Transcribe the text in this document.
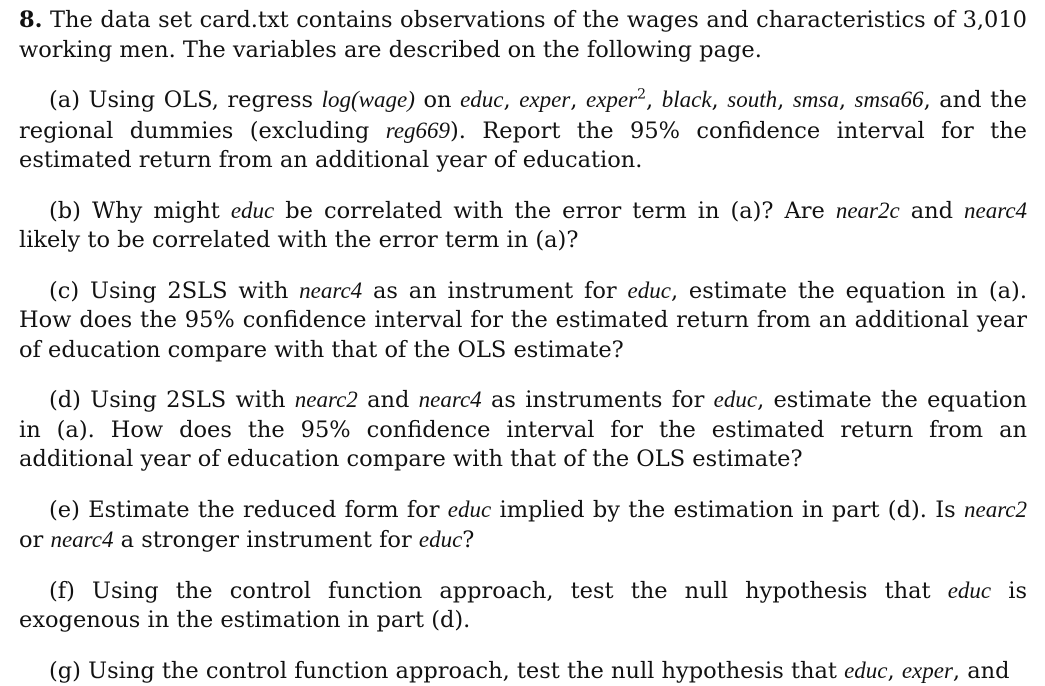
8. The data set card.txt contains observations of the wages and characteristics of 3,010 working men. The variables are described on the following page.

(a) Using OLS, regress log(wage) on educ, exper, exper$^2$, black, south, smsa, smsa66, and the regional dummies (excluding reg669). Report the 95% confidence interval for the estimated return from an additional year of education.

(b) Why might educ be correlated with the error term in (a)? Are near2c and nearc4 likely to be correlated with the error term in (a)?

(c) Using 2SLS with nearc4 as an instrument for educ, estimate the equation in (a). How does the 95% confidence interval for the estimated return from an additional year of education compare with that of the OLS estimate?

(d) Using 2SLS with nearc2 and nearc4 as instruments for educ, estimate the equation in (a). How does the 95% confidence interval for the estimated return from an additional year of education compare with that of the OLS estimate?

(e) Estimate the reduced form for educ implied by the estimation in part (d). Is nearc2 or nearc4 a stronger instrument for educ?

(f) Using the control function approach, test the null hypothesis that educ is exogenous in the estimation in part (d).

(g) Using the control function approach, test the null hypothesis that educ, exper, and
